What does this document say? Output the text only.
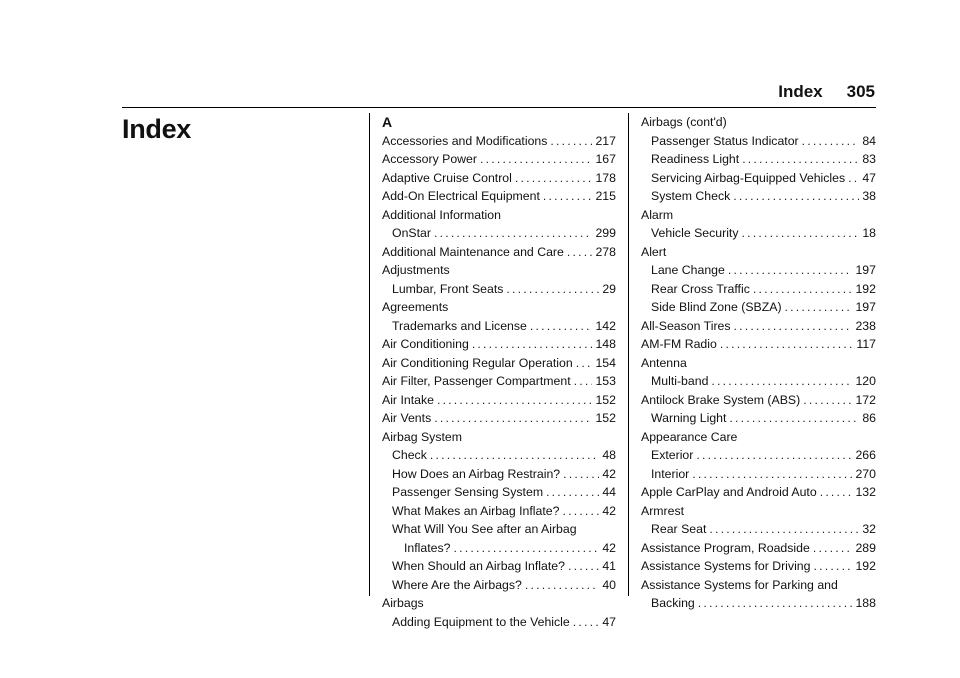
Index 305
Index	A
Accessories and Modifications .....	217
Accessory Power .....	167
Adaptive Cruise Control .....	178
Add-On Electrical Equipment .....	215
Additional Information
OnStar .....	299
Additional Maintenance and Care .....	278
Adjustments
Lumbar, Front Seats .....	29
Agreements
Trademarks and License .....	142
Air Conditioning .....	148
Air Conditioning Regular Operation ..... 154
Air Filter, Passenger Compartment ..... 153
Air Intake .....	152
Air Vents .....	152
Airbag System
Check .....	48
How Does an Airbag Restrain? .....	42
Passenger Sensing System .....	44
What Makes an Airbag Inflate? .....	42
What Will You See after an Airbag
Inflates? .....	42
When Should an Airbag Inflate? .....	41
Where Are the Airbags? .....	40
Airbags
Adding Equipment to the Vehicle .....	47
Airbags (cont'd)
Passenger Status Indicator .....	84
Readiness Light .....	83
Servicing Airbag-Equipped Vehicles ..... 47
System Check .....	38
Alarm
Vehicle Security .....	18
Alert
Lane Change .....	197
Rear Cross Traffic .....	192
Side Blind Zone (SBZA) .....	197
All-Season Tires .....	238
AM-FM Radio .....	117
Antenna
Multi-band .....	120
Antilock Brake System (ABS) .....	172
Warning Light .....	86
Appearance Care
Exterior .....	266
Interior .....	270
Apple CarPlay and Android Auto .....	132
Armrest
Rear Seat .....	32
Assistance Program, Roadside .....	289
Assistance Systems for Driving .....	192
Assistance Systems for Parking and
Backing .....	188
